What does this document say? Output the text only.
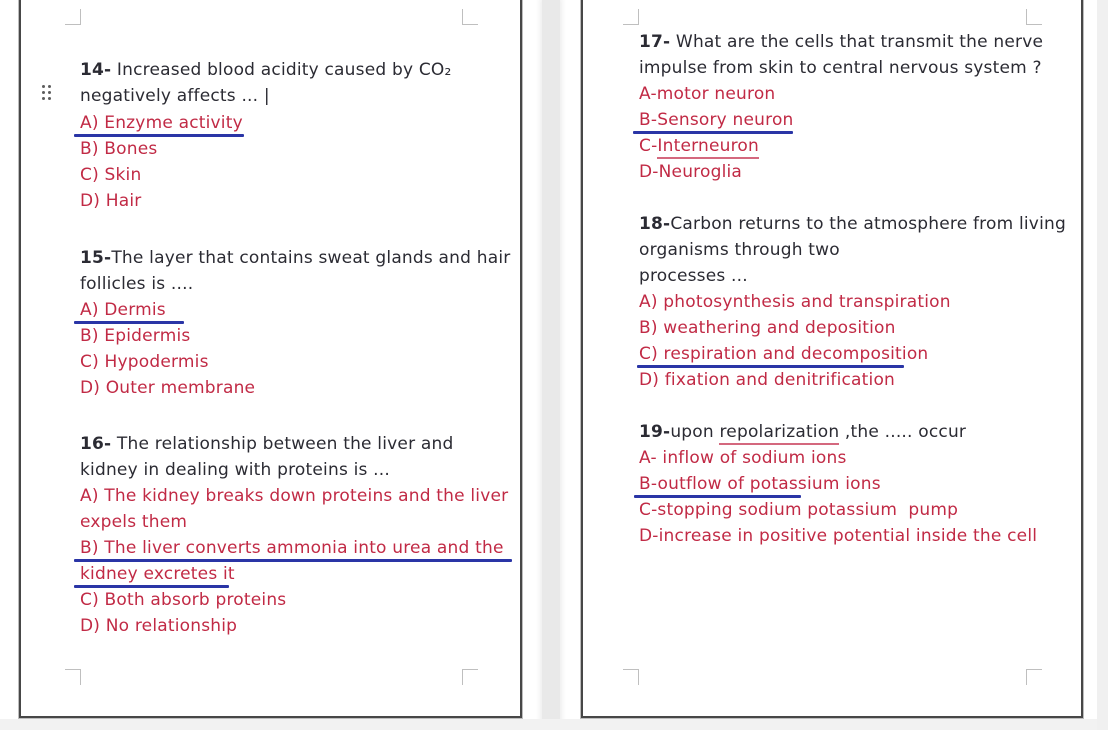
14- Increased blood acidity caused by CO₂
negatively affects ... |
A) Enzyme activity
B) Bones
C) Skin
D) Hair
15-The layer that contains sweat glands and hair
follicles is ....
A) Dermis
B) Epidermis
C) Hypodermis
D) Outer membrane
16- The relationship between the liver and
kidney in dealing with proteins is ...
A) The kidney breaks down proteins and the liver
expels them
B) The liver converts ammonia into urea and the
kidney excretes it
C) Both absorb proteins
D) No relationship
17- What are the cells that transmit the nerve
impulse from skin to central nervous system ?
A-motor neuron
B-Sensory neuron
C-Interneuron
D-Neuroglia
18-Carbon returns to the atmosphere from living
organisms through two
processes ...
A) photosynthesis and transpiration
B) weathering and deposition
C) respiration and decomposition
D) fixation and denitrification
19-upon repolarization ,the ..... occur
A- inflow of sodium ions
B-outflow of potassium ions
C-stopping sodium potassium  pump
D-increase in positive potential inside the cell
